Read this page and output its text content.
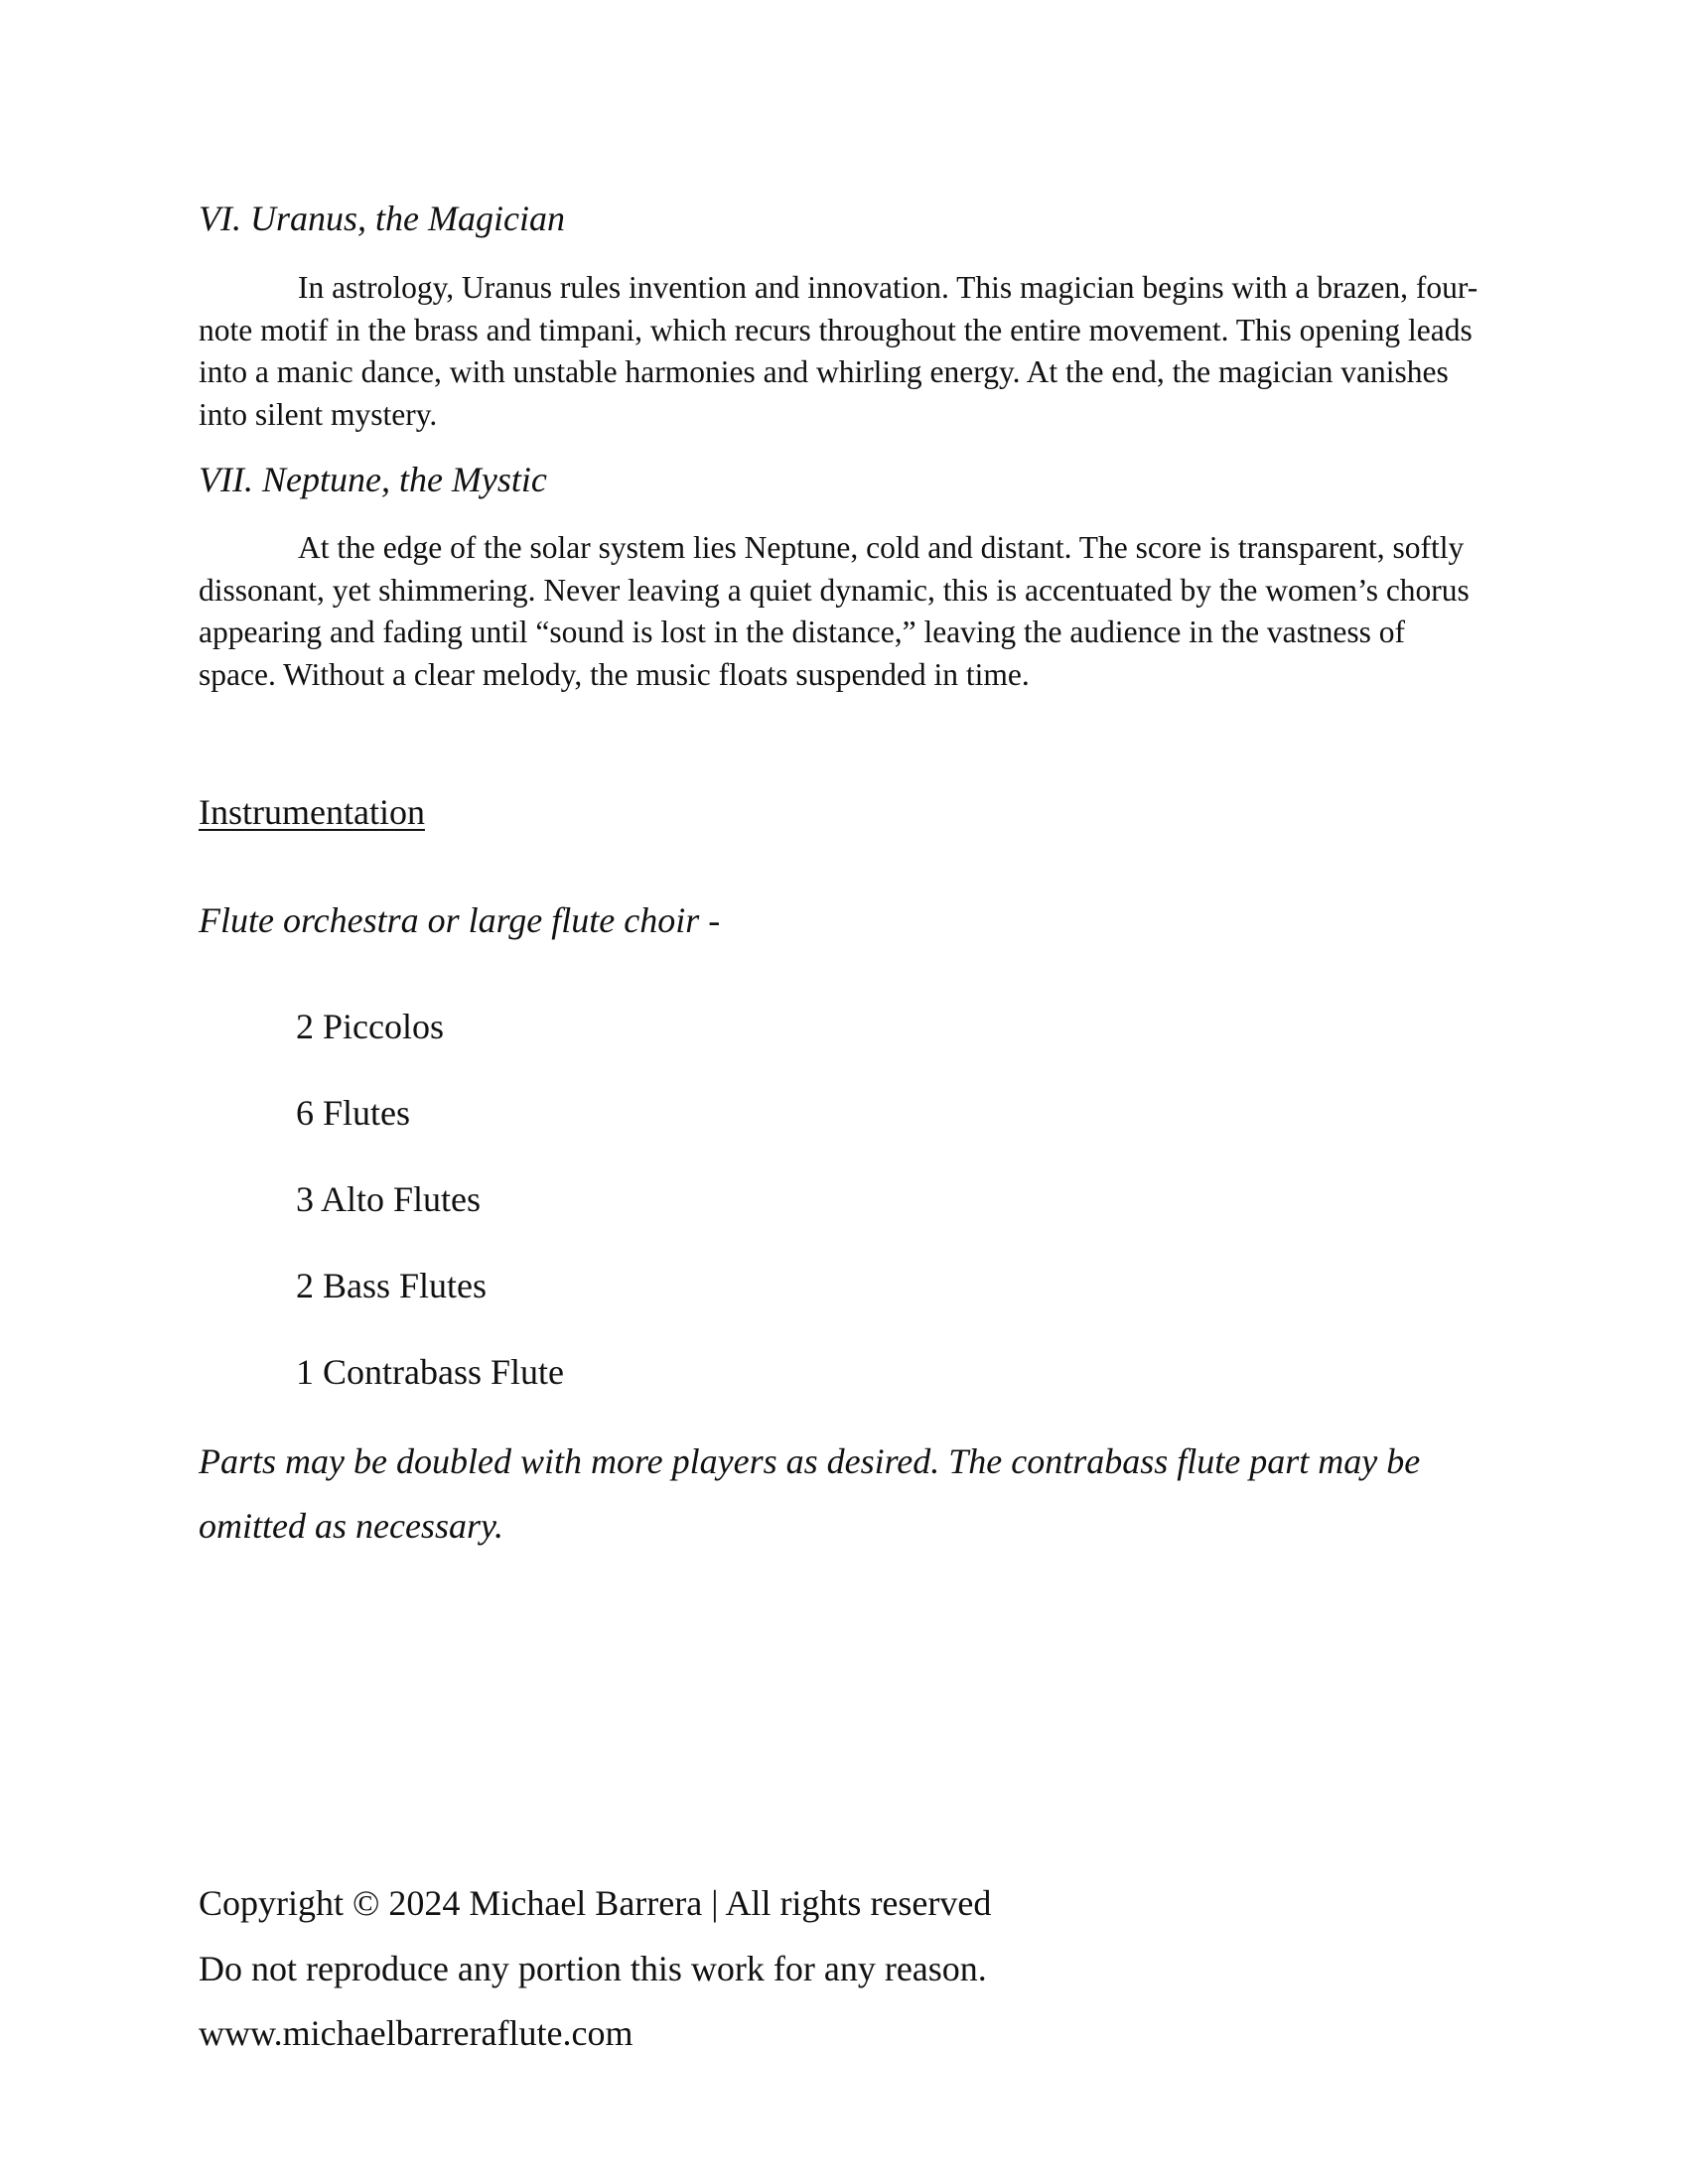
VI. Uranus, the Magician

In astrology, Uranus rules invention and innovation. This magician begins with a brazen, four-note motif in the brass and timpani, which recurs throughout the entire movement. This opening leads into a manic dance, with unstable harmonies and whirling energy. At the end, the magician vanishes into silent mystery.

VII. Neptune, the Mystic

At the edge of the solar system lies Neptune, cold and distant. The score is transparent, softly dissonant, yet shimmering. Never leaving a quiet dynamic, this is accentuated by the women’s chorus appearing and fading until “sound is lost in the distance,” leaving the audience in the vastness of space. Without a clear melody, the music floats suspended in time.

Instrumentation

Flute orchestra or large flute choir -

2 Piccolos
6 Flutes
3 Alto Flutes
2 Bass Flutes
1 Contrabass Flute

Parts may be doubled with more players as desired. The contrabass flute part may be omitted as necessary.

Copyright © 2024 Michael Barrera | All rights reserved

Do not reproduce any portion this work for any reason.

www.michaelbarreraflute.com
